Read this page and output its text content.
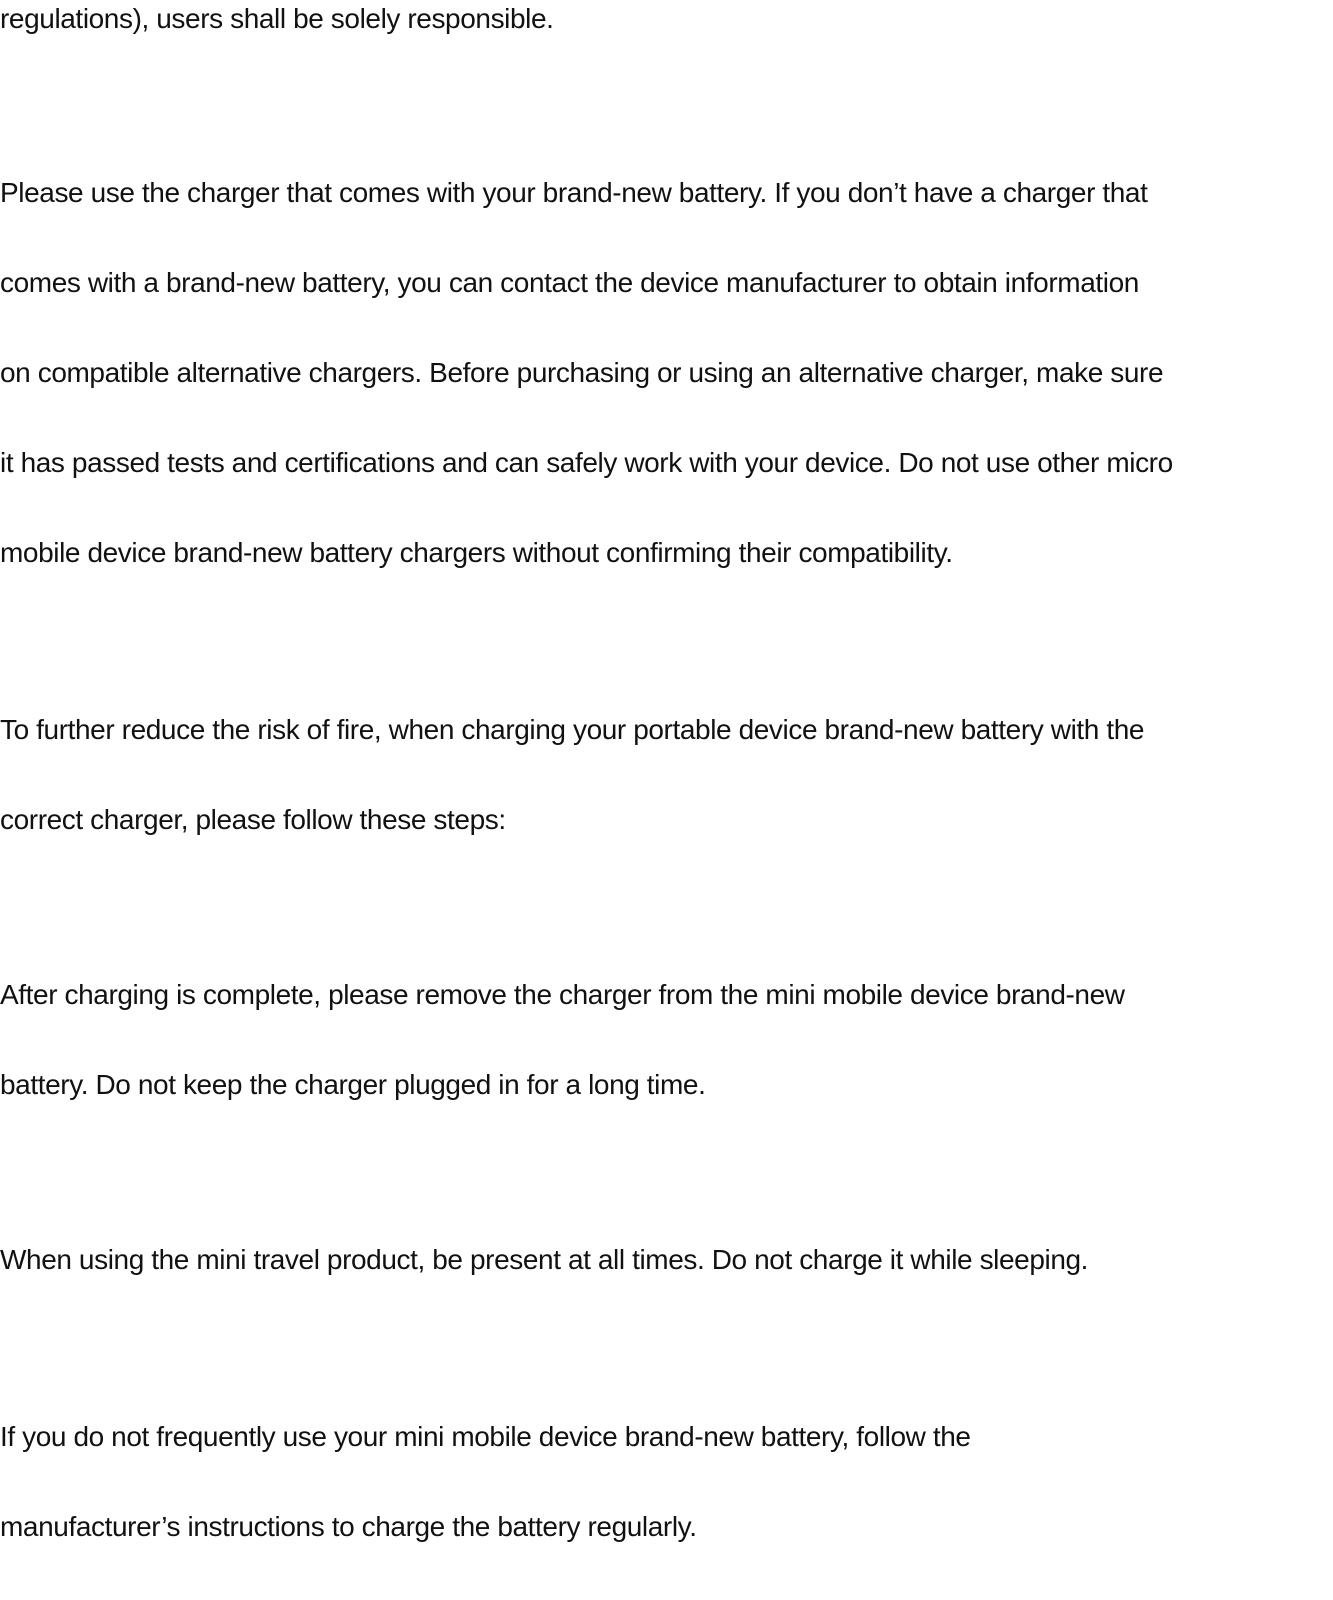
regulations), users shall be solely responsible.

Please use the charger that comes with your brand-new battery. If you don’t have a charger that

comes with a brand-new battery, you can contact the device manufacturer to obtain information

on compatible alternative chargers. Before purchasing or using an alternative charger, make sure

it has passed tests and certifications and can safely work with your device. Do not use other micro

mobile device brand-new battery chargers without confirming their compatibility.

To further reduce the risk of fire, when charging your portable device brand-new battery with the

correct charger, please follow these steps:

After charging is complete, please remove the charger from the mini mobile device brand-new

battery. Do not keep the charger plugged in for a long time.

When using the mini travel product, be present at all times. Do not charge it while sleeping.

If you do not frequently use your mini mobile device brand-new battery, follow the

manufacturer’s instructions to charge the battery regularly.
